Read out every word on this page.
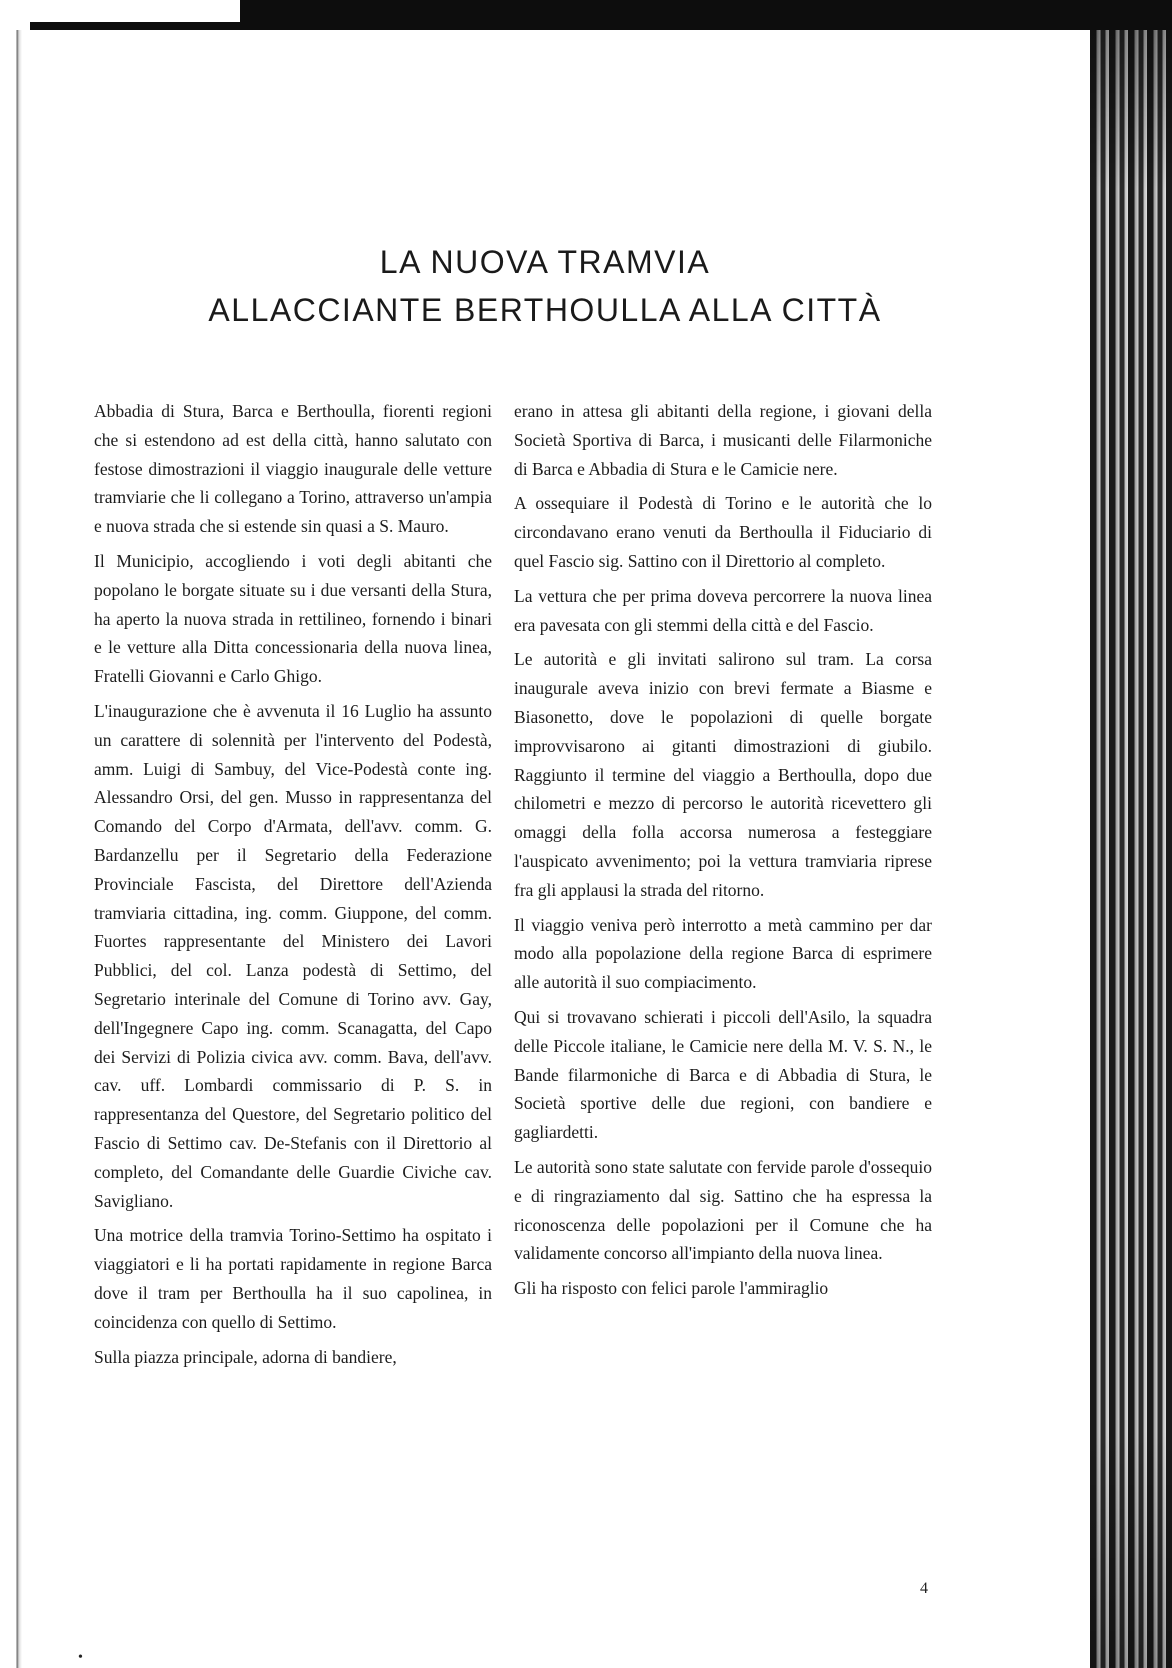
LA NUOVA TRAMVIA
ALLACCIANTE BERTHOULLA ALLA CITTÀ

Abbadia di Stura, Barca e Berthoulla, fiorenti regioni che si estendono ad est della città, hanno salutato con festose dimostrazioni il viaggio inaugurale delle vetture tramviarie che li collegano a Torino, attraverso un'ampia e nuova strada che si estende sin quasi a S. Mauro.

Il Municipio, accogliendo i voti degli abitanti che popolano le borgate situate su i due versanti della Stura, ha aperto la nuova strada in rettilineo, fornendo i binari e le vetture alla Ditta concessionaria della nuova linea, Fratelli Giovanni e Carlo Ghigo.

L'inaugurazione che è avvenuta il 16 Luglio ha assunto un carattere di solennità per l'intervento del Podestà, amm. Luigi di Sambuy, del Vice-Podestà conte ing. Alessandro Orsi, del gen. Musso in rappresentanza del Comando del Corpo d'Armata, dell'avv. comm. G. Bardanzellu per il Segretario della Federazione Provinciale Fascista, del Direttore dell'Azienda tramviaria cittadina, ing. comm. Giuppone, del comm. Fuortes rappresentante del Ministero dei Lavori Pubblici, del col. Lanza podestà di Settimo, del Segretario interinale del Comune di Torino avv. Gay, dell'Ingegnere Capo ing. comm. Scanagatta, del Capo dei Servizi di Polizia civica avv. comm. Bava, dell'avv. cav. uff. Lombardi commissario di P. S. in rappresentanza del Questore, del Segretario politico del Fascio di Settimo cav. De-Stefanis con il Direttorio al completo, del Comandante delle Guardie Civiche cav. Savigliano.

Una motrice della tramvia Torino-Settimo ha ospitato i viaggiatori e li ha portati rapidamente in regione Barca dove il tram per Berthoulla ha il suo capolinea, in coincidenza con quello di Settimo.

Sulla piazza principale, adorna di bandiere,

erano in attesa gli abitanti della regione, i giovani della Società Sportiva di Barca, i musicanti delle Filarmoniche di Barca e Abbadia di Stura e le Camicie nere.

A ossequiare il Podestà di Torino e le autorità che lo circondavano erano venuti da Berthoulla il Fiduciario di quel Fascio sig. Sattino con il Direttorio al completo.

La vettura che per prima doveva percorrere la nuova linea era pavesata con gli stemmi della città e del Fascio.

Le autorità e gli invitati salirono sul tram. La corsa inaugurale aveva inizio con brevi fermate a Biasme e Biasonetto, dove le popolazioni di quelle borgate improvvisarono ai gitanti dimostrazioni di giubilo. Raggiunto il termine del viaggio a Berthoulla, dopo due chilometri e mezzo di percorso le autorità ricevettero gli omaggi della folla accorsa numerosa a festeggiare l'auspicato avvenimento; poi la vettura tramviaria riprese fra gli applausi la strada del ritorno.

Il viaggio veniva però interrotto a metà cammino per dar modo alla popolazione della regione Barca di esprimere alle autorità il suo compiacimento.

Qui si trovavano schierati i piccoli dell'Asilo, la squadra delle Piccole italiane, le Camicie nere della M. V. S. N., le Bande filarmoniche di Barca e di Abbadia di Stura, le Società sportive delle due regioni, con bandiere e gagliardetti.

Le autorità sono state salutate con fervide parole d'ossequio e di ringraziamento dal sig. Sattino che ha espressa la riconoscenza delle popolazioni per il Comune che ha validamente concorso all'impianto della nuova linea.

Gli ha risposto con felici parole l'ammiraglio

4
•
